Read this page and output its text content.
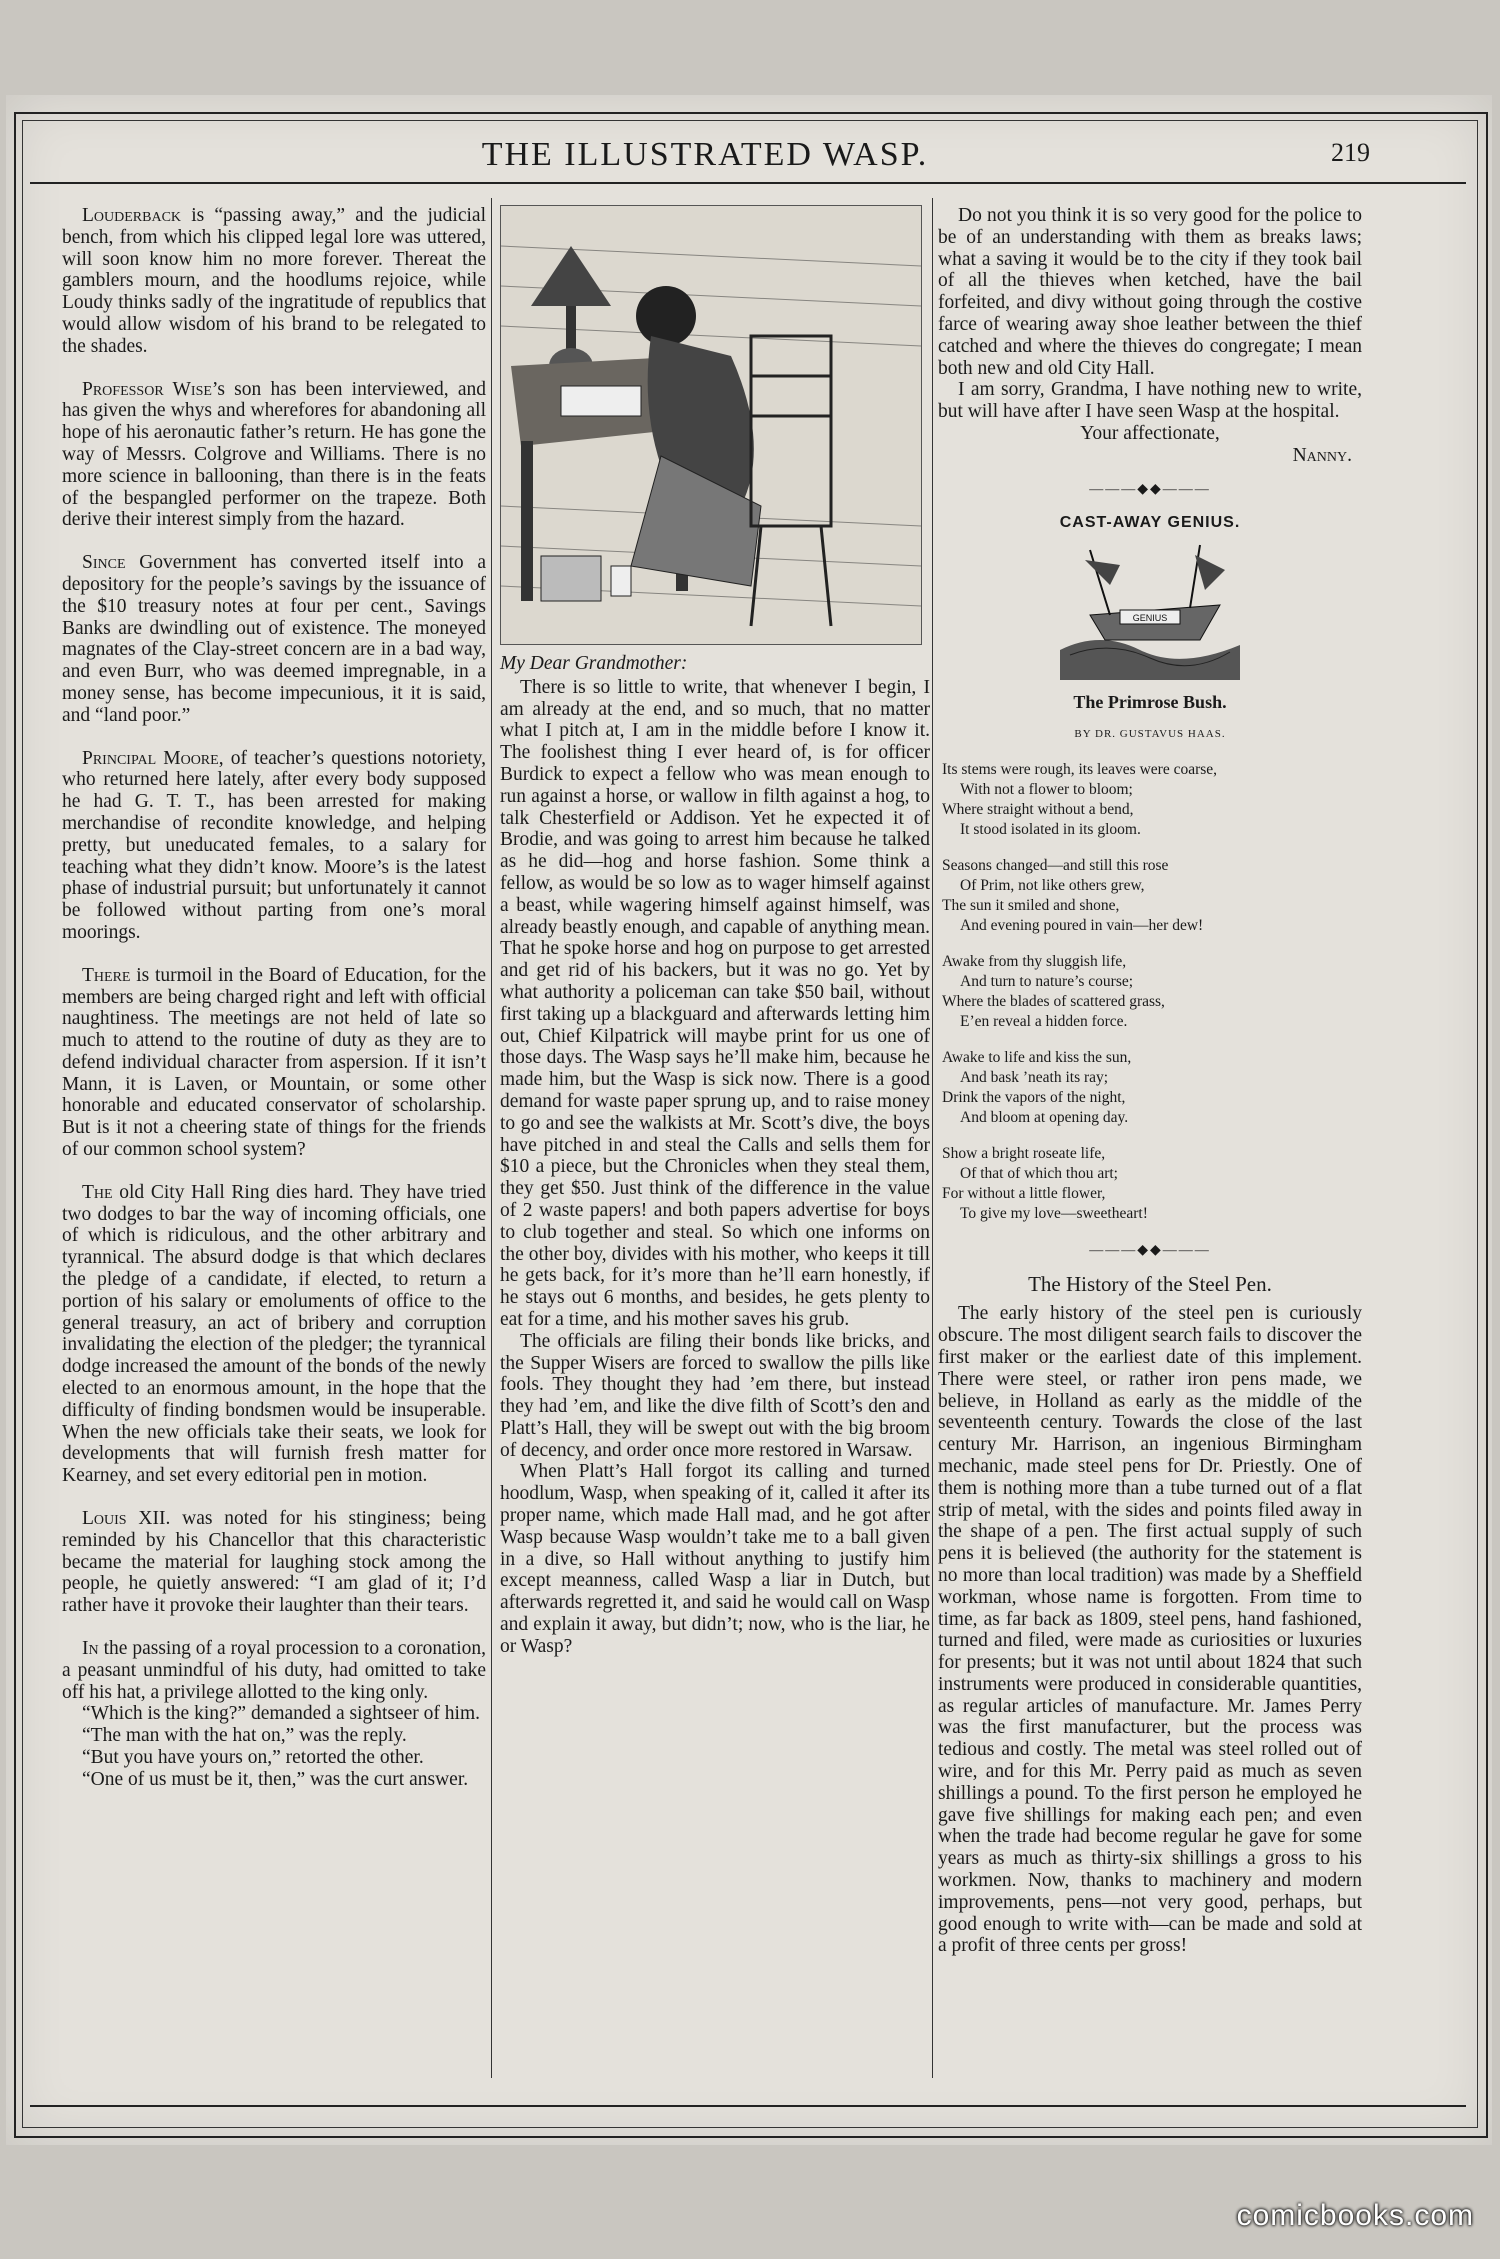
THE ILLUSTRATED WASP.	219

Louderback is “passing away,” and the judicial bench, from which his clipped legal lore was uttered, will soon know him no more forever. Thereat the gamblers mourn, and the hoodlums rejoice, while Loudy thinks sadly of the ingratitude of republics that would allow wisdom of his brand to be relegated to the shades.

Professor Wise’s son has been interviewed, and has given the whys and wherefores for abandoning all hope of his aeronautic father’s return. He has gone the way of Messrs. Colgrove and Williams. There is no more science in ballooning, than there is in the feats of the bespangled performer on the trapeze. Both derive their interest simply from the hazard.

Since Government has converted itself into a depository for the people’s savings by the issuance of the $10 treasury notes at four per cent., Savings Banks are dwindling out of existence. The moneyed magnates of the Clay-street concern are in a bad way, and even Burr, who was deemed impregnable, in a money sense, has become impecunious, it it is said, and “land poor.”

Principal Moore, of teacher’s questions notoriety, who returned here lately, after every body supposed he had G. T. T., has been arrested for making merchandise of recondite knowledge, and helping pretty, but uneducated females, to a salary for teaching what they didn’t know. Moore’s is the latest phase of industrial pursuit; but unfortunately it cannot be followed without parting from one’s moral moorings.

There is turmoil in the Board of Education, for the members are being charged right and left with official naughtiness. The meetings are not held of late so much to attend to the routine of duty as they are to defend individual character from aspersion. If it isn’t Mann, it is Laven, or Mountain, or some other honorable and educated conservator of scholarship. But is it not a cheering state of things for the friends of our common school system?

The old City Hall Ring dies hard. They have tried two dodges to bar the way of incoming officials, one of which is ridiculous, and the other arbitrary and tyrannical. The absurd dodge is that which declares the pledge of a candidate, if elected, to return a portion of his salary or emoluments of office to the general treasury, an act of bribery and corruption invalidating the election of the pledger; the tyrannical dodge increased the amount of the bonds of the newly elected to an enormous amount, in the hope that the difficulty of finding bondsmen would be insuperable. When the new officials take their seats, we look for developments that will furnish fresh matter for Kearney, and set every editorial pen in motion.

Louis XII. was noted for his stinginess; being reminded by his Chancellor that this characteristic became the material for laughing stock among the people, he quietly answered: “I am glad of it; I’d rather have it provoke their laughter than their tears.

In the passing of a royal procession to a coronation, a peasant unmindful of his duty, had omitted to take off his hat, a privilege allotted to the king only.

“Which is the king?” demanded a sightseer of him.

“The man with the hat on,” was the reply.

“But you have yours on,” retorted the other.

“One of us must be it, then,” was the curt answer.

My Dear Grandmother:

There is so little to write, that whenever I begin, I am already at the end, and so much, that no matter what I pitch at, I am in the middle before I know it. The foolishest thing I ever heard of, is for officer Burdick to expect a fellow who was mean enough to run against a horse, or wallow in filth against a hog, to talk Chesterfield or Addison. Yet he expected it of Brodie, and was going to arrest him because he talked as he did—hog and horse fashion. Some think a fellow, as would be so low as to wager himself against a beast, while wagering himself against himself, was already beastly enough, and capable of anything mean. That he spoke horse and hog on purpose to get arrested and get rid of his backers, but it was no go. Yet by what authority a policeman can take $50 bail, without first taking up a blackguard and afterwards letting him out, Chief Kilpatrick will maybe print for us one of those days. The Wasp says he’ll make him, because he made him, but the Wasp is sick now. There is a good demand for waste paper sprung up, and to raise money to go and see the walkists at Mr. Scott’s dive, the boys have pitched in and steal the Calls and sells them for $10 a piece, but the Chronicles when they steal them, they get $50. Just think of the difference in the value of 2 waste papers! and both papers advertise for boys to club together and steal. So which one informs on the other boy, divides with his mother, who keeps it till he gets back, for it’s more than he’ll earn honestly, if he stays out 6 months, and besides, he gets plenty to eat for a time, and his mother saves his grub.

The officials are filing their bonds like bricks, and the Supper Wisers are forced to swallow the pills like fools. They thought they had ’em there, but instead they had ’em, and like the dive filth of Scott’s den and Platt’s Hall, they will be swept out with the big broom of decency, and order once more restored in Warsaw.

When Platt’s Hall forgot its calling and turned hoodlum, Wasp, when speaking of it, called it after its proper name, which made Hall mad, and he got after Wasp because Wasp wouldn’t take me to a ball given in a dive, so Hall without anything to justify him except meanness, called Wasp a liar in Dutch, but afterwards regretted it, and said he would call on Wasp and explain it away, but didn’t; now, who is the liar, he or Wasp?

Do not you think it is so very good for the police to be of an understanding with them as breaks laws; what a saving it would be to the city if they took bail of all the thieves when ketched, have the bail forfeited, and divy without going through the costive farce of wearing away shoe leather between the thief catched and where the thieves do congregate; I mean both new and old City Hall.

I am sorry, Grandma, I have nothing new to write, but will have after I have seen Wasp at the hospital.

Your affectionate,

Nanny.

———◆◆———
CAST-AWAY GENIUS.
GENIUS
The Primrose Bush.
BY DR. GUSTAVUS HAAS.
Its stems were rough, its leaves were coarse,
With not a flower to bloom;
Where straight without a bend,
It stood isolated in its gloom.
Seasons changed—and still this rose
Of Prim, not like others grew,
The sun it smiled and shone,
And evening poured in vain—her dew!
Awake from thy sluggish life,
And turn to nature’s course;
Where the blades of scattered grass,
E’en reveal a hidden force.
Awake to life and kiss the sun,
And bask ’neath its ray;
Drink the vapors of the night,
And bloom at opening day.
Show a bright roseate life,
Of that of which thou art;
For without a little flower,
To give my love—sweetheart!
———◆◆———
The History of the Steel Pen.

The early history of the steel pen is curiously obscure. The most diligent search fails to discover the first maker or the earliest date of this implement. There were steel, or rather iron pens made, we believe, in Holland as early as the middle of the seventeenth century. Towards the close of the last century Mr. Harrison, an ingenious Birmingham mechanic, made steel pens for Dr. Priestly. One of them is nothing more than a tube turned out of a flat strip of metal, with the sides and points filed away in the shape of a pen. The first actual supply of such pens it is believed (the authority for the statement is no more than local tradition) was made by a Sheffield workman, whose name is forgotten. From time to time, as far back as 1809, steel pens, hand fashioned, turned and filed, were made as curiosities or luxuries for presents; but it was not until about 1824 that such instruments were produced in considerable quantities, as regular articles of manufacture. Mr. James Perry was the first manufacturer, but the process was tedious and costly. The metal was steel rolled out of wire, and for this Mr. Perry paid as much as seven shillings a pound. To the first person he employed he gave five shillings for making each pen; and even when the trade had become regular he gave for some years as much as thirty-six shillings a gross to his workmen. Now, thanks to machinery and modern improvements, pens—not very good, perhaps, but good enough to write with—can be made and sold at a profit of three cents per gross!

comicbooks.com
